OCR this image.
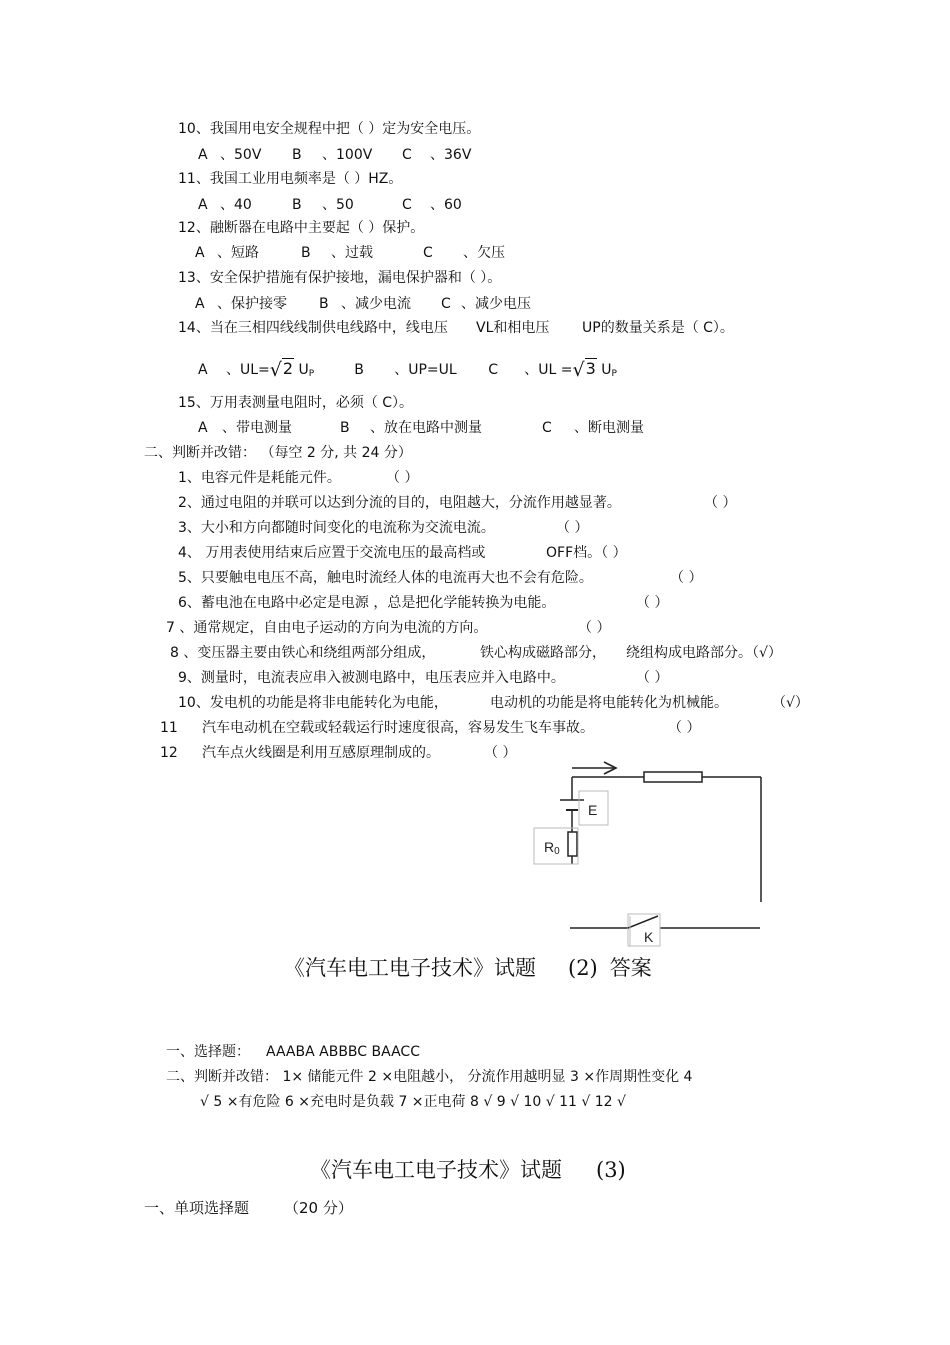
10、我国用电安全规程中把（ ）定为安全电压。
A 、50V B 、100V C 、36V
11、我国工业用电频率是（ ）HZ。
A 、40	B 、50	C 、60
12、融断器在电路中主要起（ ）保护。
A 、短路	B 、过载	C 、欠压
13、安全保护措施有保护接地，漏电保护器和（ ）。
A 、保护接零 B 、减少电流 C 、减少电压
14、当在三相四线线制供电线路中，线电压 VL和相电压 UP的数量关系是（ C）。
A 、UL=√2 $U_P$	B 、UP=UL C 、UL =√3 $U_P$
15、万用表测量电阻时，必须（ C）。
A 、带电测量	B 、放在电路中测量	C 、断电测量
二、判断并改错： （每空 2 分, 共 24 分）
1、电容元件是耗能元件。	（ ）
2、通过电阻的并联可以达到分流的目的，电阻越大，分流作用越显著。	（ ）
3、大小和方向都随时间变化的电流称为交流电流。	（ ）
4、 万用表使用结束后应置于交流电压的最高档或	OFF档。（ ）
5、只要触电电压不高，触电时流经人体的电流再大也不会有危险。	（ ）
6、蓄电池在电路中必定是电源 ，总是把化学能转换为电能。	（ ）
7 、通常规定，自由电子运动的方向为电流的方向。	（ ）
8 、变压器主要由铁心和绕组两部分组成，	铁心构成磁路部分， 绕组构成电路部分。（√）
9、测量时，电流表应串入被测电路中，电压表应并入电路中。	（ ）
10、发电机的功能是将非电能转化为电能，	电动机的功能是将电能转化为机械能。	（√）
11 汽车电动机在空载或轻载运行时速度很高，容易发生飞车事故。	（ ）
12 汽车点火线圈是利用互感原理制成的。	（ ）
E
R0
K
《汽车电工电子技术》试题 (2) 答案
一、选择题： AAABA ABBBC BAACC
二、判断并改错： 1× 储能元件 2 ×电阻越小， 分流作用越明显 3 ×作周期性变化 4
√ 5 ×有危险 6 ×充电时是负载 7 ×正电荷 8 √ 9 √ 10 √ 11 √ 12 √
《汽车电工电子技术》试题 (3)
一、单项选择题 （20 分）
